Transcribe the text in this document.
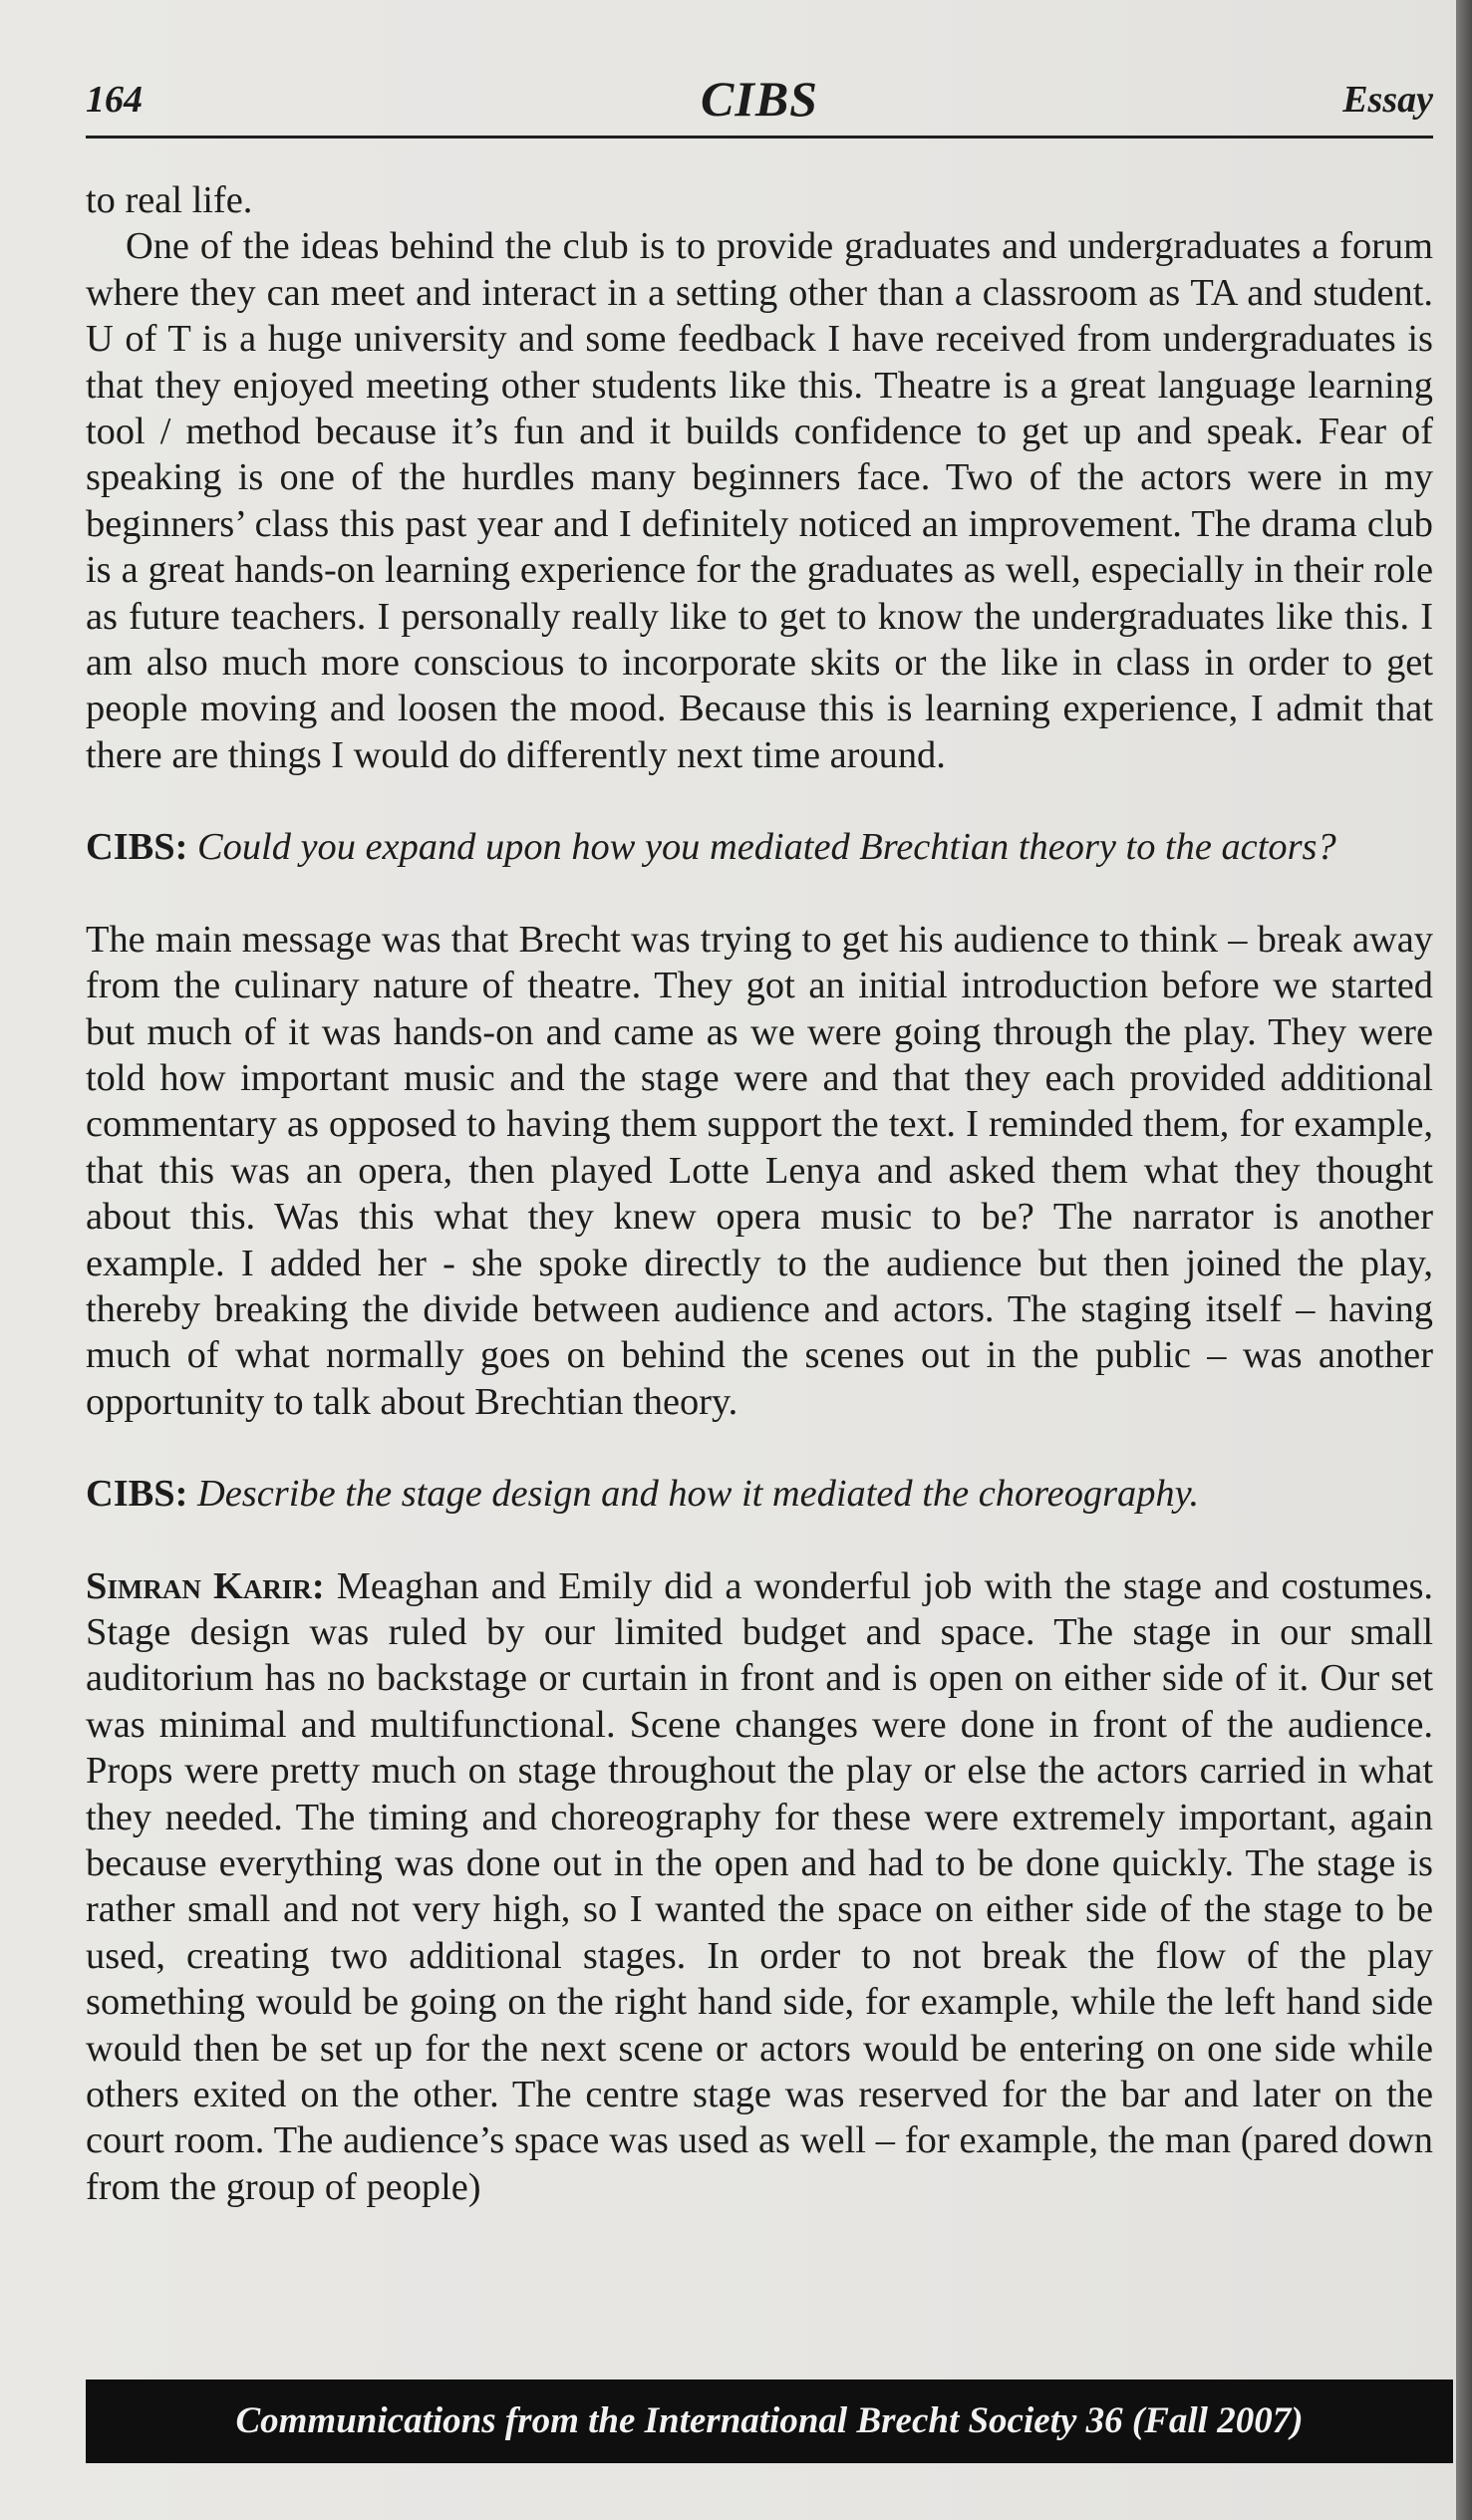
164	CIBS	Essay

to real life.

One of the ideas behind the club is to provide graduates and undergraduates a forum where they can meet and interact in a setting other than a classroom as TA and student. U of T is a huge university and some feedback I have received from undergraduates is that they enjoyed meeting other students like this. Theatre is a great language learning tool / method because it’s fun and it builds confidence to get up and speak. Fear of speaking is one of the hurdles many beginners face. Two of the actors were in my beginners’ class this past year and I definitely noticed an improvement. The drama club is a great hands-on learning experience for the graduates as well, especially in their role as future teachers. I personally really like to get to know the undergraduates like this. I am also much more conscious to incorporate skits or the like in class in order to get people moving and loosen the mood. Because this is learning experience, I admit that there are things I would do differently next time around.

CIBS: Could you expand upon how you mediated Brechtian theory to the actors?

The main message was that Brecht was trying to get his audience to think – break away from the culinary nature of theatre. They got an initial introduction before we started but much of it was hands-on and came as we were going through the play. They were told how important music and the stage were and that they each provided additional commentary as opposed to having them support the text. I reminded them, for example, that this was an opera, then played Lotte Lenya and asked them what they thought about this. Was this what they knew opera music to be? The narrator is another example. I added her - she spoke directly to the audience but then joined the play, thereby breaking the divide between audience and actors. The staging itself – having much of what normally goes on behind the scenes out in the public – was another opportunity to talk about Brechtian theory.

CIBS: Describe the stage design and how it mediated the choreography.

Simran Karir: Meaghan and Emily did a wonderful job with the stage and costumes. Stage design was ruled by our limited budget and space. The stage in our small auditorium has no backstage or curtain in front and is open on either side of it. Our set was minimal and multifunctional. Scene changes were done in front of the audience. Props were pretty much on stage throughout the play or else the actors carried in what they needed. The timing and choreography for these were extremely important, again because everything was done out in the open and had to be done quickly. The stage is rather small and not very high, so I wanted the space on either side of the stage to be used, creating two additional stages. In order to not break the flow of the play something would be going on the right hand side, for example, while the left hand side would then be set up for the next scene or actors would be entering on one side while others exited on the other. The centre stage was reserved for the bar and later on the court room. The audience’s space was used as well – for example, the man (pared down from the group of people)

Communications from the International Brecht Society 36 (Fall 2007)
